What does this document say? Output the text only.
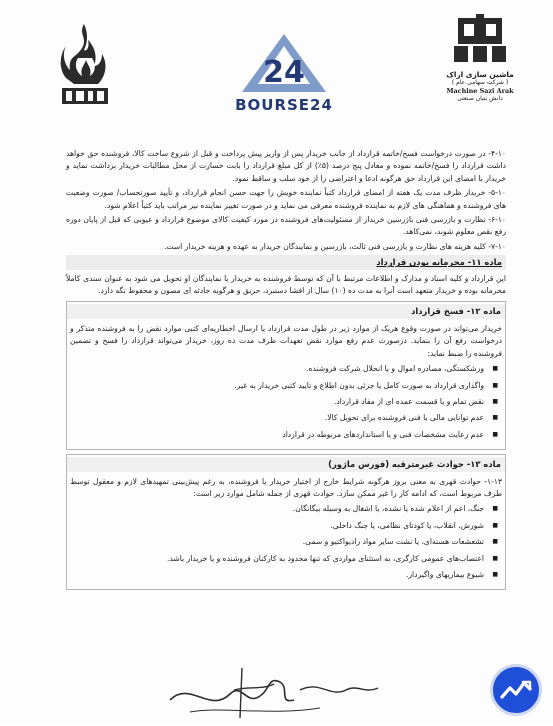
24
BOURSE24
ماشین سازی اراک
( شرکت سهامی عام )
Machine Sazi Arak
دانش بنیان صنعتی

۴-۱۰- در صورت درخواست فسخ/خاتمه قرارداد از جانب خریدار پس از واریز پیش پرداخت و قبل از شروع ساخت کالا، فروشنده حق خواهد داشت قرارداد را فسخ/خاتمه نموده و معادل پنج درصد (۵٪) از کل مبلغ قرارداد را بابت خسارت از محل مطالبات خریدار برداشت نماید و خریدار با امضای این قرارداد حق هرگونه ادعا و اعتراضی را از خود سلب و ساقط نمود.

۵-۱۰- خریدار ظرف مدت یک هفته از امضای قرارداد کتباً نماینده خویش را جهت حسن انجام قرارداد، و تأیید صورتحساب/ صورت وضعیت های فروشنده و هماهنگی های لازم به نماینده فروشنده معرفی می نماید و در صورت تغییر نماینده نیز مراتب باید کتباً اعلام شود.

۶-۱۰- نظارت و بازرسی فنی بازرسین خریدار از مسئولیت‌های فروشنده در مورد کیفیت کالای موضوع قرارداد و عیوبی که قبل از پایان دوره رفع نقص معلوم شوند، نمی‌کاهد.

۷-۱۰- کلیه هزینه های نظارت و بازرسی فنی ثالث، بازرسین و نمایندگان خریدار به عهده و هزینه خریدار است.

ماده ۱۱- محرمانه بودن قرارداد

این قرارداد و کلیه اسناد و مدارک و اطلاعات مرتبط با آن که توسط فروشنده به خریدار یا نمایندگان او تحویل می شود به عنوان سندی کاملاً محرمانه بوده و خریدار متعهد است آنرا به مدت ده (۱۰) سال از افشا دستبرد، حریق و هرگونه حادثه ای مصون و محفوظ نگه دارد.

ماده ۱۲- فسخ قرارداد

خریدار می‌تواند در صورت وقوع هریک از موارد زیر در طول مدت قرارداد یا ارسال اخطاریه‌ای کتبی موارد نقض را به فروشنده متذکر و درخواست رفع آن را بنماید. درصورت عدم رفع موارد نقض تعهدات ظرف مدت ده روز، خریدار می‌تواند قرارداد را فسخ و تضمین فروشنده را ضبط نماید:

■ ورشکستگی، مصادره اموال و یا انحلال شرکت فروشنده.
■ واگذاری قرارداد به صورت کامل یا جزئی بدون اطلاع و تایید کتبی خریدار به غیر.
■ نقض تمام و یا قسمت عمده ای از مفاد قرارداد.
■ عدم توانایی مالی یا فنی فروشنده برای تحویل کالا.
■ عدم رعایت مشخصات فنی و یا استانداردهای مربوطه در قرارداد
ماده ۱۳- حوادث غیرمترقبه (فورس ماژور)

۱-۱۳- حوادث قهری به معنی بروز هرگونه شرایط خارج از اختیار خریدار یا فروشنده، به رغم پیش‌بینی تمهیدهای لازم و معقول توسط طرف مربوط است، که ادامه کار را غیر ممکن سازد. حوادث قهری از جمله شامل موارد زیر است:

■ جنگ، اعم از اعلام شده یا نشده، یا اشغال به وسیله بیگانگان.
■ شورش، انقلاب، یا کودتای نظامی، یا جنگ داخلی.
■ تشعشعات هسته‌ای، یا نشت سایر مواد رادیواکتیو و سمی.
■ اعتصاب‌های عمومی کارگری، به استثنای مواردی که تنها محدود به کارکنان فروشنده و یا خریدار باشد.
■ شیوع بیماریهای واگیردار.
